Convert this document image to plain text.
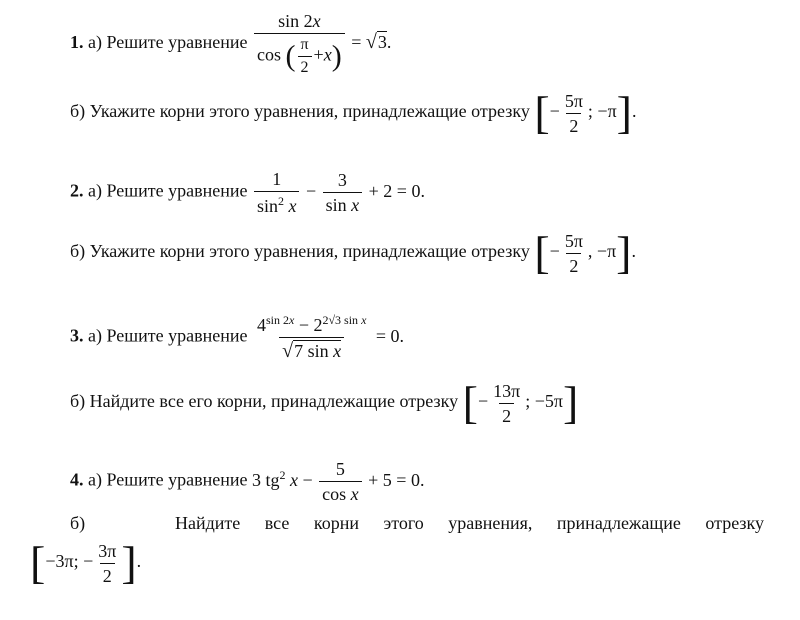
1. а) Решите уравнение $\frac{\sin 2x}{\cos ( \frac{\pi}{2} +x)} = √3$.
б) Укажите корни этого уравнения, принадлежащие отрезку [− $\frac{5\pi}{2}$ ; −π].
2. а) Решите уравнение $\frac{1}{\sin^2 x} - \frac{3}{\text{sin x}} + 2 = 0$.
б) Укажите корни этого уравнения, принадлежащие отрезку [− $\frac{5\pi}{2}$ , −π].
3. а) Решите уравнение $\frac{4^{sin 2x} - 2^{2√3 sin x}}{\text{√7 sin x}} = 0$.
б) Найдите все его корни, принадлежащие отрезку [− $\frac{13\pi}{2}$ ; −5π]
4. а) Решите уравнение 3 $tg^2$ $x - \frac{5}{\text{cos x}} + 5 = 0$.
б)	Найдите все корни этого уравнения, принадлежащие отрезку
[−3π; − $\frac{3\pi}{2}$ ].
